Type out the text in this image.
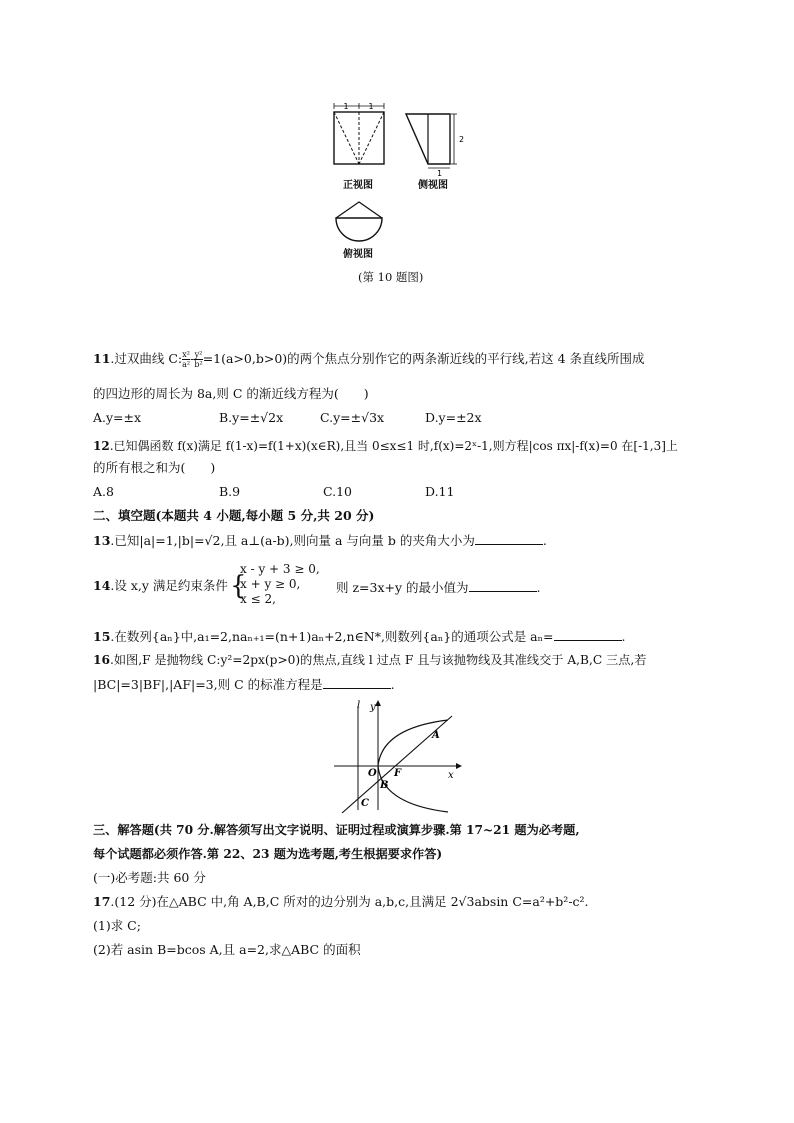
1 1
2
1
正视图	侧视图
俯视图
(第 10 题图)
11.过双曲线 C: $\frac{\text{x²}}{\text{a²}} - \frac{\text{y²}}{\text{b²}} =1(a>0,b>0)$的两个焦点分别作它的两条渐近线的平行线,若这 4 条直线所围成
的四边形的周长为 8a,则 C 的渐近线方程为(　　)
A.y=±x	B.y=±√2x	C.y=±√3x	D.y=±2x
12.已知偶函数 f(x)满足 f(1-x)=f(1+x)(x∈R),且当 0≤x≤1 时,f(x)=2ˣ-1,则方程|cos πx|-f(x)=0 在[-1,3]上
的所有根之和为(　　)
A.8	B.9	C.10	D.11
二、填空题(本题共 4 小题,每小题 5 分,共 20 分)
13.已知|a|=1,|b|=√2,且 a⊥(a-b),则向量 a 与向量 b 的夹角大小为	.
14.设 x,y 满足约束条件 {
x - y + 3 ≥ 0,
x + y ≥ 0,
x ≤ 2,
则 z=3x+y 的最小值为	.
15.在数列{aₙ}中,a₁=2,naₙ₊₁=(n+1)aₙ+2,n∈N*,则数列{aₙ}的通项公式是 aₙ=	.
16.如图,F 是抛物线 C:y²=2px(p>0)的焦点,直线 l 过点 F 且与该抛物线及其准线交于 A,B,C 三点,若
|BC|=3|BF|,|AF|=3,则 C 的标准方程是	.
l y
x
O F
A
B
C
三、解答题(共 70 分.解答须写出文字说明、证明过程或演算步骤.第 17~21 题为必考题,
每个试题都必须作答.第 22、23 题为选考题,考生根据要求作答)
(一)必考题:共 60 分
17.(12 分)在△ABC 中,角 A,B,C 所对的边分别为 a,b,c,且满足 2√3absin C=a²+b²-c².
(1)求 C;
(2)若 asin B=bcos A,且 a=2,求△ABC 的面积
